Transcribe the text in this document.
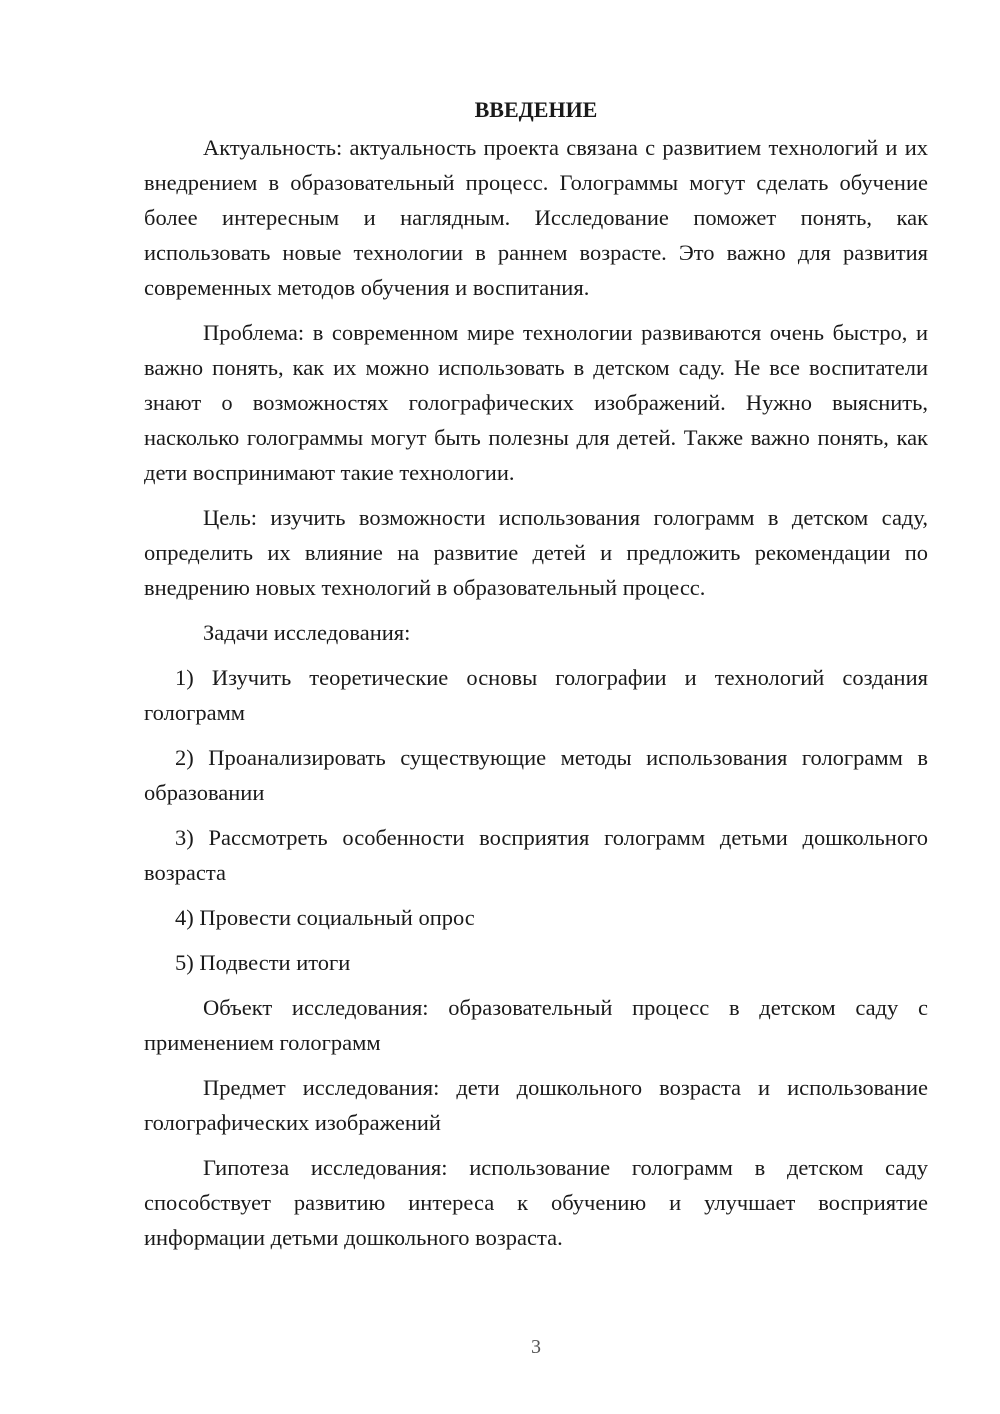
ВВЕДЕНИЕ

Актуальность: актуальность проекта связана с развитием технологий и их внедрением в образовательный процесс. Голограммы могут сделать обучение более интересным и наглядным. Исследование поможет понять, как использовать новые технологии в раннем возрасте. Это важно для развития современных методов обучения и воспитания.

Проблема: в современном мире технологии развиваются очень быстро, и важно понять, как их можно использовать в детском саду. Не все воспитатели знают о возможностях голографических изображений. Нужно выяснить, насколько голограммы могут быть полезны для детей. Также важно понять, как дети воспринимают такие технологии.

Цель: изучить возможности использования голограмм в детском саду, определить их влияние на развитие детей и предложить рекомендации по внедрению новых технологий в образовательный процесс.

Задачи исследования:

1) Изучить теоретические основы голографии и технологий создания голограмм

2) Проанализировать существующие методы использования голограмм в образовании

3) Рассмотреть особенности восприятия голограмм детьми дошкольного возраста

4) Провести социальный опрос

5) Подвести итоги

Объект исследования: образовательный процесс в детском саду с применением голограмм

Предмет исследования: дети дошкольного возраста и использование голографических изображений

Гипотеза исследования: использование голограмм в детском саду способствует развитию интереса к обучению и улучшает восприятие информации детьми дошкольного возраста.

3
